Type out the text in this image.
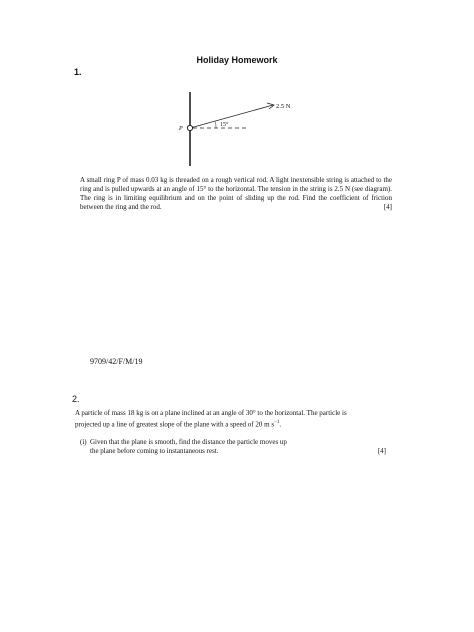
Holiday Homework
1.
2.5 N
15°
P
A small ring P of mass 0.03 kg is threaded on a rough vertical rod. A light inextensible string is attached to the ring and is pulled upwards at an angle of 15° to the horizontal. The tension in the string is 2.5 N (see diagram). The ring is in limiting equilibrium and on the point of sliding up the rod. Find the coefficient of friction between the ring and the rod.	[4]
9709/42/F/M/19
2.
A particle of mass 18 kg is on a plane inclined at an angle of 30° to the horizontal. The particle is
projected up a line of greatest slope of the plane with a speed of 20 m $s^{-1}$.
(i) Given that the plane is smooth, find the distance the particle moves up
the plane before coming to instantaneous rest.	[4]
